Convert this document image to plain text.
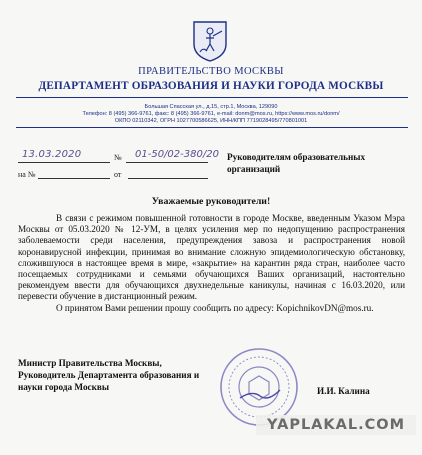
ПРАВИТЕЛЬСТВО МОСКВЫ
ДЕПАРТАМЕНТ ОБРАЗОВАНИЯ И НАУКИ ГОРОДА МОСКВЫ
Большая Спасская ул., д.15, стр.1, Москва, 129090
Телефон: 8 (495) 366-9761, факс: 8 (495) 366-9761, e-mail: donm@mos.ru, https://www.mos.ru/donm/
ОКПО 02110342, ОГРН 1027700586625, ИНН/КПП 7719028495/770801001
13.03.2020	№ 01-50/02-380/20
на №	от
Руководителям образовательных организаций
Уважаемые руководители!

В связи с режимом повышенной готовности в городе Москве, введенным Указом Мэра Москвы от 05.03.2020 № 12-УМ, в целях усиления мер по недопущению распространения заболеваемости среди населения, предупреждения завоза и распространения новой коронавирусной инфекции, принимая во внимание сложную эпидемиологическую обстановку, сложившуюся в настоящее время в мире, «закрытие» на карантин ряда стран, наиболее часто посещаемых сотрудниками и семьями обучающихся Ваших организаций, настоятельно рекомендуем ввести для обучающихся двухнедельные каникулы, начиная с 16.03.2020, или перевести обучение в дистанционный режим.

О принятом Вами решении прошу сообщить по адресу: KopichnikovDN@mos.ru.

Министр Правительства Москвы, Руководитель Департамента образования и науки города Москвы	И.И. Калина
YAPLAKAL.COM
